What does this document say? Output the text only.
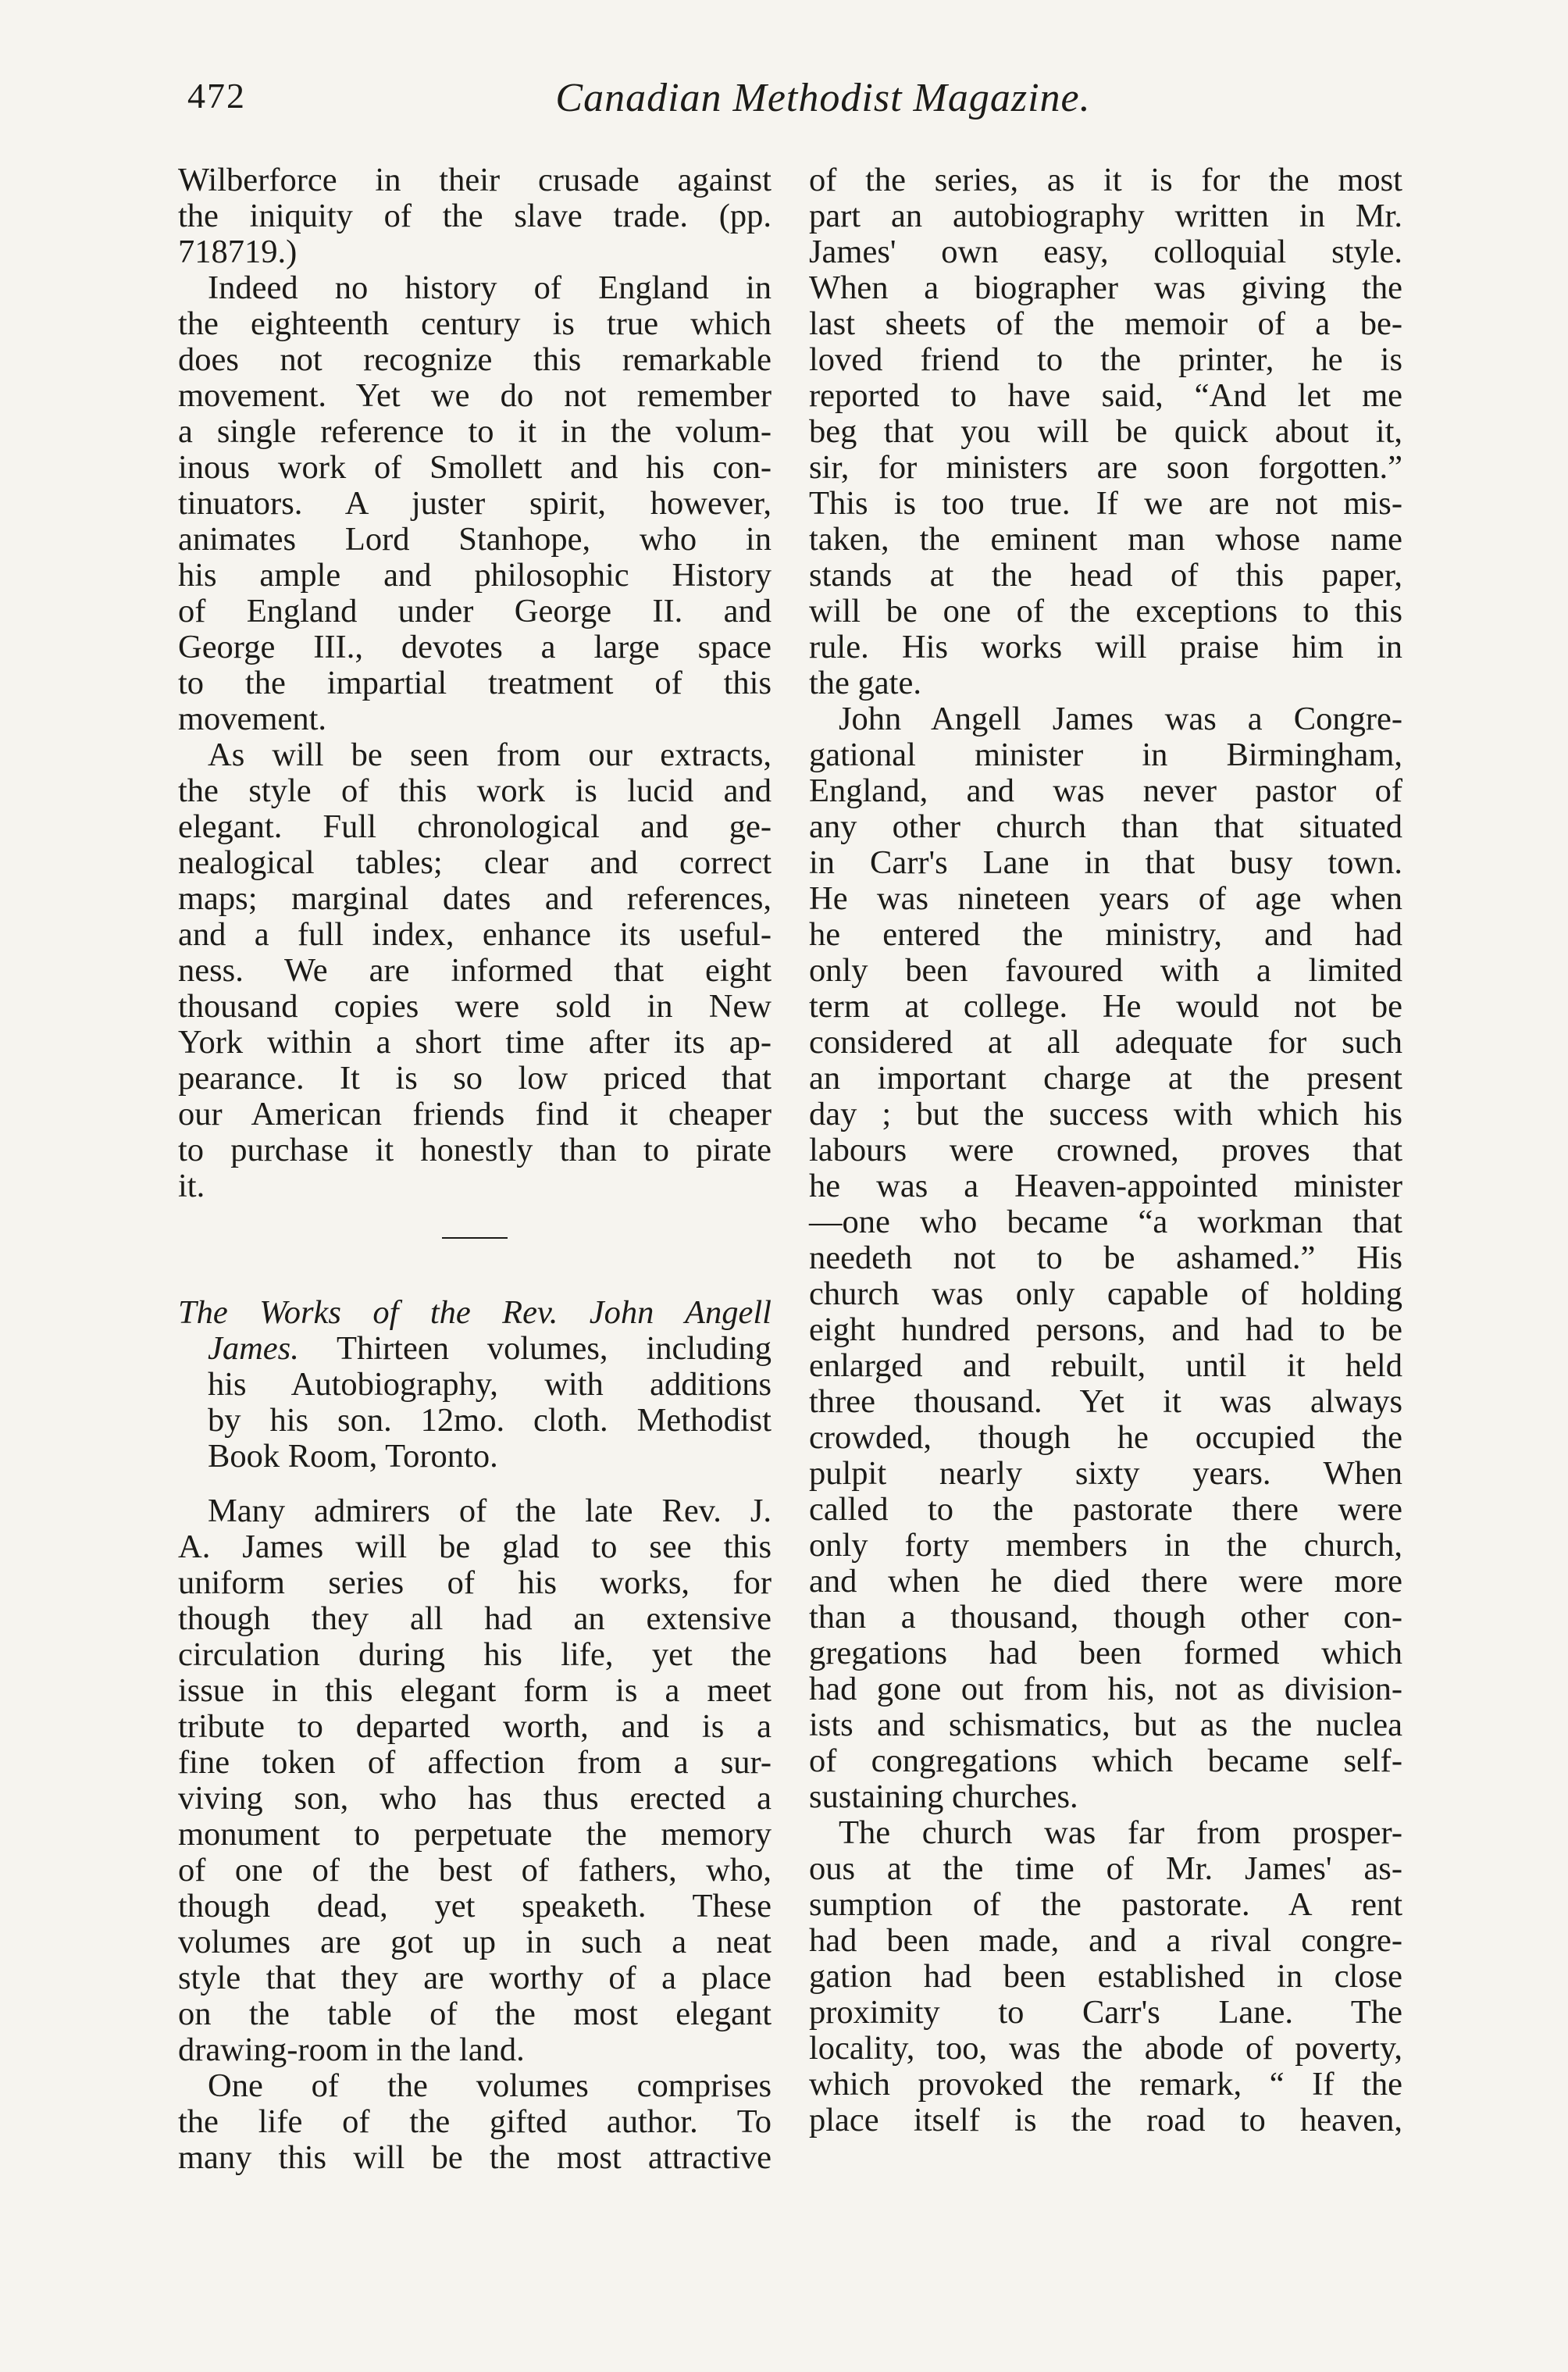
472	Canadian Methodist Magazine.
Wilberforce in their crusade against
the iniquity of the slave trade. (pp.
718719.)
Indeed no history of England in
the eighteenth century is true which
does not recognize this remarkable
movement. Yet we do not remember
a single reference to it in the volum-
inous work of Smollett and his con-
tinuators. A juster spirit, however,
animates Lord Stanhope, who in
his ample and philosophic History
of England under George II. and
George III., devotes a large space
to the impartial treatment of this
movement.
As will be seen from our extracts,
the style of this work is lucid and
elegant. Full chronological and ge-
nealogical tables; clear and correct
maps; marginal dates and references,
and a full index, enhance its useful-
ness. We are informed that eight
thousand copies were sold in New
York within a short time after its ap-
pearance. It is so low priced that
our American friends find it cheaper
to purchase it honestly than to pirate
it.
The Works of the Rev. John Angell
James. Thirteen volumes, including
his Autobiography, with additions
by his son. 12mo. cloth. Methodist
Book Room, Toronto.
Many admirers of the late Rev. J.
A. James will be glad to see this
uniform series of his works, for
though they all had an extensive
circulation during his life, yet the
issue in this elegant form is a meet
tribute to departed worth, and is a
fine token of affection from a sur-
viving son, who has thus erected a
monument to perpetuate the memory
of one of the best of fathers, who,
though dead, yet speaketh. These
volumes are got up in such a neat
style that they are worthy of a place
on the table of the most elegant
drawing-room in the land.
One of the volumes comprises
the life of the gifted author. To
many this will be the most attractive
of the series, as it is for the most
part an autobiography written in Mr.
James' own easy, colloquial style.
When a biographer was giving the
last sheets of the memoir of a be-
loved friend to the printer, he is
reported to have said, “And let me
beg that you will be quick about it,
sir, for ministers are soon forgotten.”
This is too true. If we are not mis-
taken, the eminent man whose name
stands at the head of this paper,
will be one of the exceptions to this
rule. His works will praise him in
the gate.
John Angell James was a Congre-
gational minister in Birmingham,
England, and was never pastor of
any other church than that situated
in Carr's Lane in that busy town.
He was nineteen years of age when
he entered the ministry, and had
only been favoured with a limited
term at college. He would not be
considered at all adequate for such
an important charge at the present
day ; but the success with which his
labours were crowned, proves that
he was a Heaven-appointed minister
—one who became “a workman that
needeth not to be ashamed.” His
church was only capable of holding
eight hundred persons, and had to be
enlarged and rebuilt, until it held
three thousand. Yet it was always
crowded, though he occupied the
pulpit nearly sixty years. When
called to the pastorate there were
only forty members in the church,
and when he died there were more
than a thousand, though other con-
gregations had been formed which
had gone out from his, not as division-
ists and schismatics, but as the nuclea
of congregations which became self-
sustaining churches.
The church was far from prosper-
ous at the time of Mr. James' as-
sumption of the pastorate. A rent
had been made, and a rival congre-
gation had been established in close
proximity to Carr's Lane. The
locality, too, was the abode of poverty,
which provoked the remark, “ If the
place itself is the road to heaven,
